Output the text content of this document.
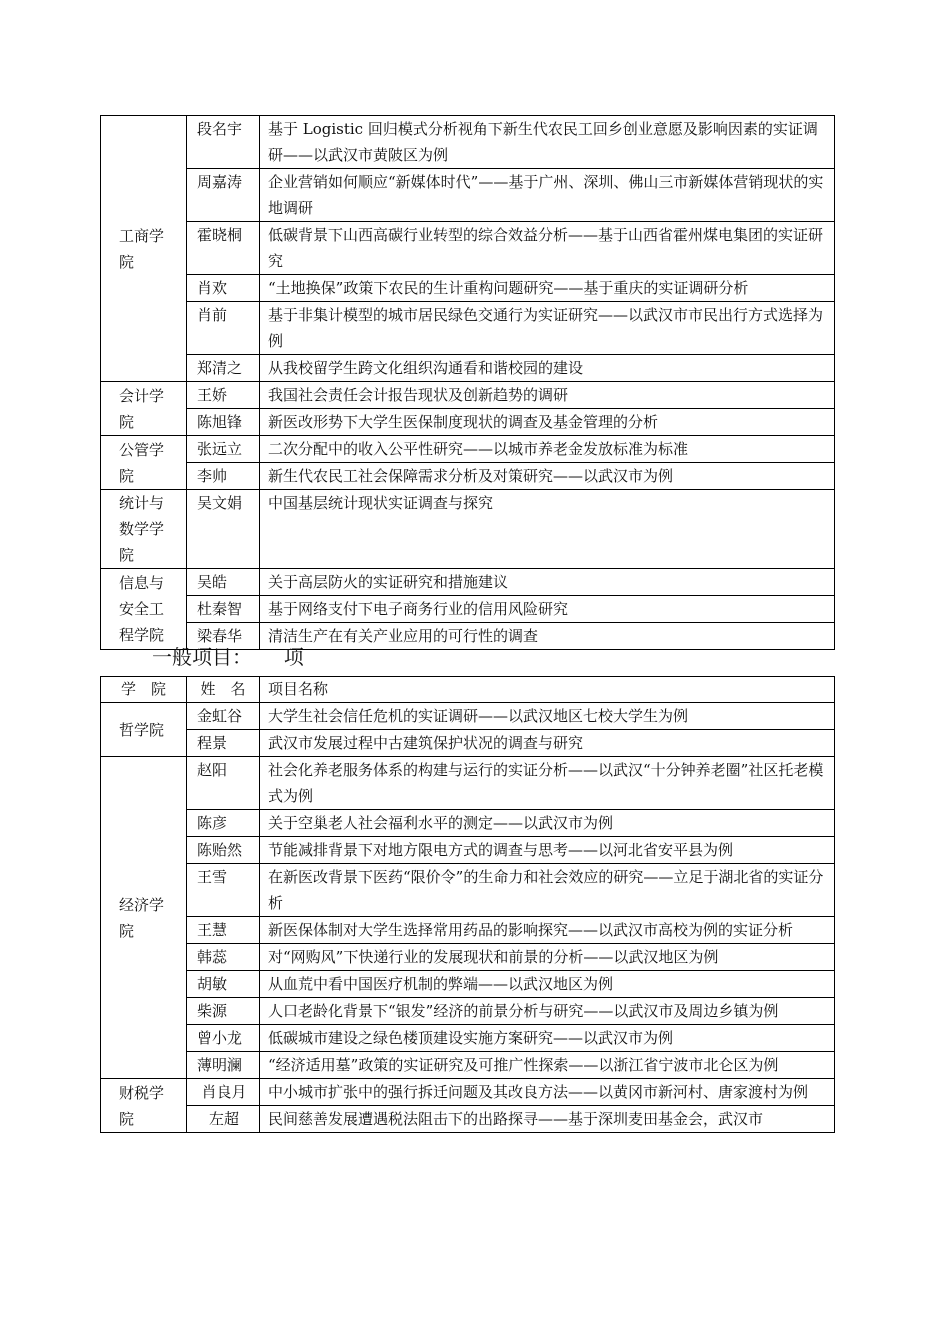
工商学院	段名宇	基于 Logistic 回归模式分析视角下新生代农民工回乡创业意愿及影响因素的实证调研——以武汉市黄陂区为例
	周嘉涛	企业营销如何顺应“新媒体时代”——基于广州、深圳、佛山三市新媒体营销现状的实地调研
	霍晓桐	低碳背景下山西高碳行业转型的综合效益分析——基于山西省霍州煤电集团的实证研究
	肖欢	“土地换保”政策下农民的生计重构问题研究——基于重庆的实证调研分析
	肖前	基于非集计模型的城市居民绿色交通行为实证研究——以武汉市市民出行方式选择为例
	郑清之	从我校留学生跨文化组织沟通看和谐校园的建设
会计学院	王娇	我国社会责任会计报告现状及创新趋势的调研
	陈旭锋	新医改形势下大学生医保制度现状的调查及基金管理的分析
公管学院	张远立	二次分配中的收入公平性研究——以城市养老金发放标准为标准
	李帅	新生代农民工社会保障需求分析及对策研究——以武汉市为例
统计与数学学院	吴文娟	中国基层统计现状实证调查与探究
信息与安全工程学院	吴皓	关于高层防火的实证研究和措施建议
	杜秦智	基于网络支付下电子商务行业的信用风险研究
	梁春华	清洁生产在有关产业应用的可行性的调查
一般项目：     项
学　院	姓　名	项目名称
哲学院	金虹谷	大学生社会信任危机的实证调研——以武汉地区七校大学生为例
	程景	武汉市发展过程中古建筑保护状况的调查与研究
经济学院	赵阳	社会化养老服务体系的构建与运行的实证分析——以武汉“十分钟养老圈”社区托老模式为例
	陈彦	关于空巢老人社会福利水平的测定——以武汉市为例
	陈贻然	节能减排背景下对地方限电方式的调查与思考——以河北省安平县为例
	王雪	在新医改背景下医药“限价令”的生命力和社会效应的研究——立足于湖北省的实证分析
	王慧	新医保体制对大学生选择常用药品的影响探究——以武汉市高校为例的实证分析
	韩蕊	对“网购风”下快递行业的发展现状和前景的分析——以武汉地区为例
	胡敏	从血荒中看中国医疗机制的弊端——以武汉地区为例
	柴源	人口老龄化背景下“银发”经济的前景分析与研究——以武汉市及周边乡镇为例
	曾小龙	低碳城市建设之绿色楼顶建设实施方案研究——以武汉市为例
	薄明澜	“经济适用墓”政策的实证研究及可推广性探索——以浙江省宁波市北仑区为例
财税学院	肖良月	中小城市扩张中的强行拆迁问题及其改良方法——以黄冈市新河村、唐家渡村为例
	左超	民间慈善发展遭遇税法阻击下的出路探寻——基于深圳麦田基金会，武汉市
